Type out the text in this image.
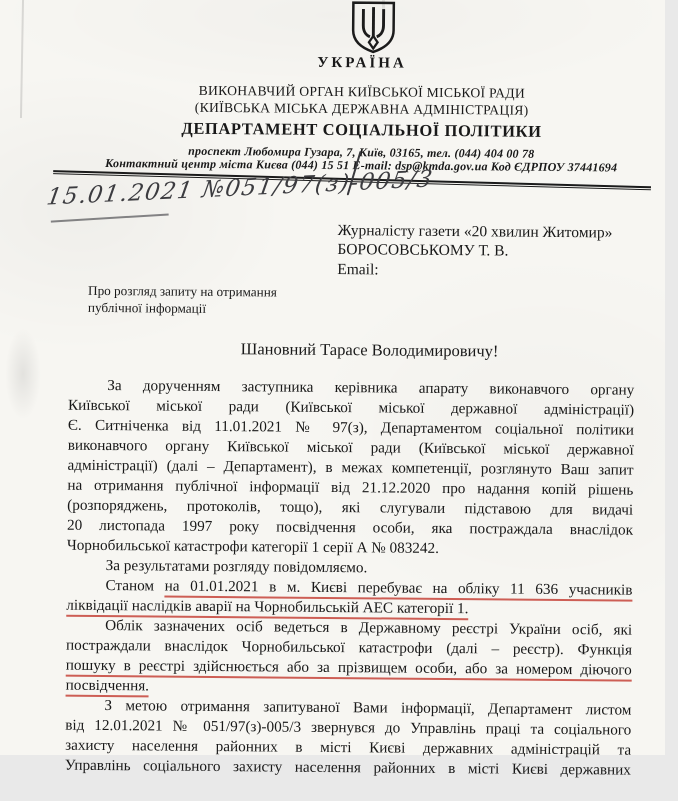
УКРАЇНА
ВИКОНАВЧИЙ ОРГАН КИЇВСЬКОЇ МІСЬКОЇ РАДИ
(КИЇВСЬКА МІСЬКА ДЕРЖАВНА АДМІНІСТРАЦІЯ)
ДЕПАРТАМЕНТ СОЦІАЛЬНОЇ ПОЛІТИКИ
проспект Любомира Гузара, 7, Київ, 03165, тел. (044) 404 00 78
Контактний центр міста Києва (044) 15 51 E-mail: dsp@kmda.gov.ua Код ЄДРПОУ 37441694
15.01.2021 №051/97(з)-005/3
Журналісту газети «20 хвилин Житомир»
БОРОСОВСЬКОМУ Т. В.
Email:
Про розгляд запиту на отримання
публічної інформації
Шановний Тарасе Володимировичу!
За дорученням заступника керівника апарату виконавчого органу
Київської міської ради (Київської міської державної адміністрації)
Є. Ситніченка від 11.01.2021 № 97(з), Департаментом соціальної політики
виконавчого органу Київської міської ради (Київської міської державної
адміністрації) (далі – Департамент), в межах компетенції, розглянуто Ваш запит
на отримання публічної інформації від 21.12.2020 про надання копій рішень
(розпоряджень, протоколів, тощо), які слугували підставою для видачі
20 листопада 1997 року посвідчення особи, яка постраждала внаслідок
Чорнобильської катастрофи категорії 1 серії А № 083242.
За результатами розгляду повідомляємо.
Станом на 01.01.2021 в м. Києві перебуває на обліку 11 636 учасників
ліквідації наслідків аварії на Чорнобильській АЕС категорії 1.
Облік зазначених осіб ведеться в Державному реєстрі України осіб, які
постраждали внаслідок Чорнобильської катастрофи (далі – реєстр). Функція
пошуку в реєстрі здійснюється або за прізвищем особи, або за номером діючого
посвідчення.
З метою отримання запитуваної Вами інформації, Департамент листом
від 12.01.2021 № 051/97(з)-005/3 звернувся до Управлінь праці та соціального
захисту населення районних в місті Києві державних адміністрацій та
Управлінь соціального захисту населення районних в місті Києві державних
